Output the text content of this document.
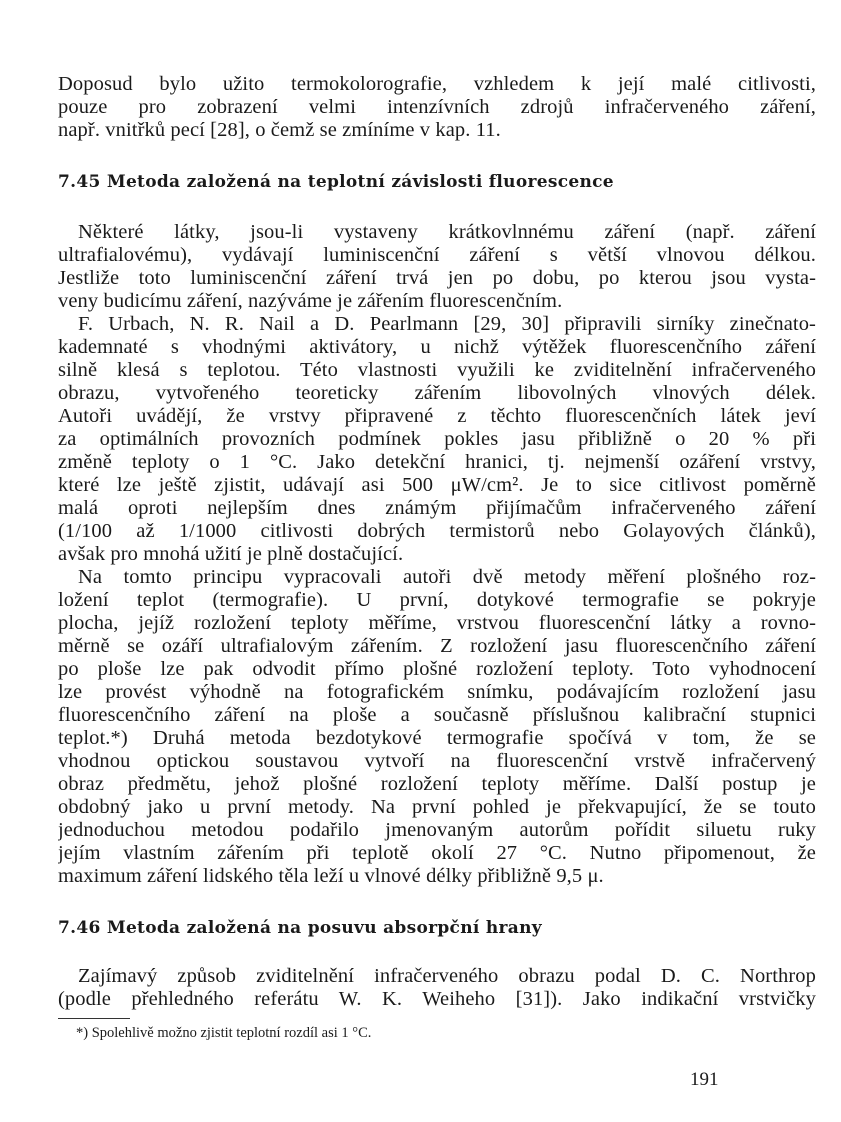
Doposud bylo užito termokolorografie, vzhledem k její malé citlivosti,
pouze pro zobrazení velmi intenzívních zdrojů infračerveného záření,
např. vnitřků pecí [28], o čemž se zmíníme v kap. 11.
7.45 Metoda založená na teplotní závislosti fluorescence
Některé látky, jsou-li vystaveny krátkovlnnému záření (např. záření
ultrafialovému), vydávají luminiscenční záření s větší vlnovou délkou.
Jestliže toto luminiscenční záření trvá jen po dobu, po kterou jsou vysta-
veny budicímu záření, nazýváme je zářením fluorescenčním.
F. Urbach, N. R. Nail a D. Pearlmann [29, 30] připravili sirníky zinečnato-
kademnaté s vhodnými aktivátory, u nichž výtěžek fluorescenčního záření
silně klesá s teplotou. Této vlastnosti využili ke zviditelnění infračerveného
obrazu, vytvořeného teoreticky zářením libovolných vlnových délek.
Autoři uvádějí, že vrstvy připravené z těchto fluorescenčních látek jeví
za optimálních provozních podmínek pokles jasu přibližně o 20 % při
změně teploty o 1 °C. Jako detekční hranici, tj. nejmenší ozáření vrstvy,
které lze ještě zjistit, udávají asi 500 μW/cm². Je to sice citlivost poměrně
malá oproti nejlepším dnes známým přijímačům infračerveného záření
(1/100 až 1/1000 citlivosti dobrých termistorů nebo Golayových článků),
avšak pro mnohá užití je plně dostačující.
Na tomto principu vypracovali autoři dvě metody měření plošného roz-
ložení teplot (termografie). U první, dotykové termografie se pokryje
plocha, jejíž rozložení teploty měříme, vrstvou fluorescenční látky a rovno-
měrně se ozáří ultrafialovým zářením. Z rozložení jasu fluorescenčního záření
po ploše lze pak odvodit přímo plošné rozložení teploty. Toto vyhodnocení
lze provést výhodně na fotografickém snímku, podávajícím rozložení jasu
fluorescenčního záření na ploše a současně příslušnou kalibrační stupnici
teplot.*) Druhá metoda bezdotykové termografie spočívá v tom, že se
vhodnou optickou soustavou vytvoří na fluorescenční vrstvě infračervený
obraz předmětu, jehož plošné rozložení teploty měříme. Další postup je
obdobný jako u první metody. Na první pohled je překvapující, že se touto
jednoduchou metodou podařilo jmenovaným autorům pořídit siluetu ruky
jejím vlastním zářením při teplotě okolí 27 °C. Nutno připomenout, že
maximum záření lidského těla leží u vlnové délky přibližně 9,5 μ.
7.46 Metoda založená na posuvu absorpční hrany
Zajímavý způsob zviditelnění infračerveného obrazu podal D. C. Northrop
(podle přehledného referátu W. K. Weiheho [31]). Jako indikační vrstvičky
*) Spolehlivě možno zjistit teplotní rozdíl asi 1 °C.
191
